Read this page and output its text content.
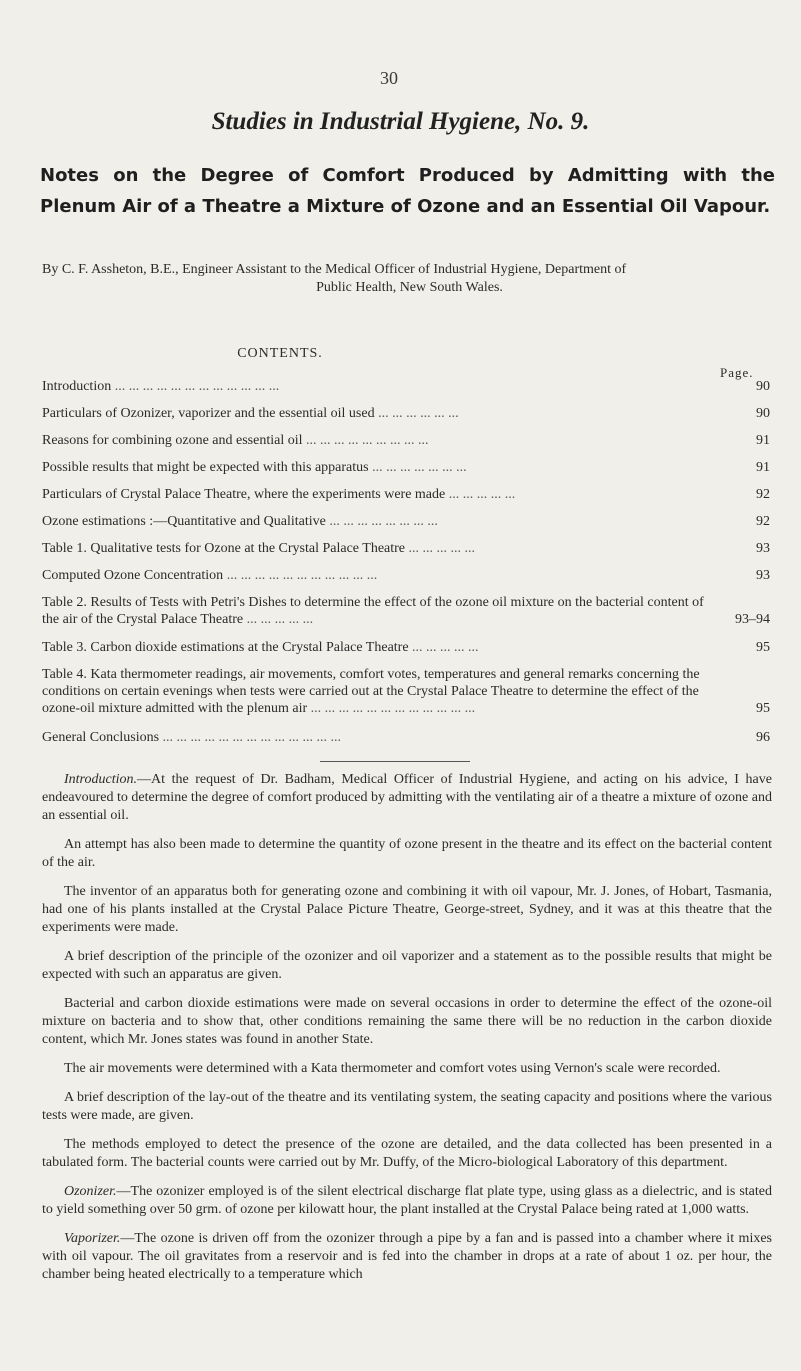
30
Studies in Industrial Hygiene, No. 9.
Notes on the Degree of Comfort Produced by Admitting with the Plenum Air of a Theatre a Mixture of Ozone and an Essential Oil Vapour.
By C. F. Assheton, B.E., Engineer Assistant to the Medical Officer of Industrial Hygiene, Department of
Public Health, New South Wales.
CONTENTS.
Page.
Introduction ... ... ... ... ... ... ... ... ... ... ... ...	90
Particulars of Ozonizer, vaporizer and the essential oil used ... ... ... ... ... ...	90
Reasons for combining ozone and essential oil ... ... ... ... ... ... ... ... ...	91
Possible results that might be expected with this apparatus ... ... ... ... ... ... ...	91
Particulars of Crystal Palace Theatre, where the experiments were made ... ... ... ... ...	92
Ozone estimations :—Quantitative and Qualitative ... ... ... ... ... ... ... ...	92
Table 1. Qualitative tests for Ozone at the Crystal Palace Theatre ... ... ... ... ...	93
Computed Ozone Concentration ... ... ... ... ... ... ... ... ... ... ...	93
Table 2. Results of Tests with Petri's Dishes to determine the effect of the ozone oil mixture on the bacterial content of the air of the Crystal Palace Theatre ... ... ... ... ...	93–94
Table 3. Carbon dioxide estimations at the Crystal Palace Theatre ... ... ... ... ...	95
Table 4. Kata thermometer readings, air movements, comfort votes, temperatures and general remarks concerning the conditions on certain evenings when tests were carried out at the Crystal Palace Theatre to determine the effect of the ozone-oil mixture admitted with the plenum air ... ... ... ... ... ... ... ... ... ... ... ...	95
General Conclusions ... ... ... ... ... ... ... ... ... ... ... ... ...	96

Introduction.—At the request of Dr. Badham, Medical Officer of Industrial Hygiene, and acting on his advice, I have endeavoured to determine the degree of comfort produced by admitting with the ventilating air of a theatre a mixture of ozone and an essential oil.

An attempt has also been made to determine the quantity of ozone present in the theatre and its effect on the bacterial content of the air.

The inventor of an apparatus both for generating ozone and combining it with oil vapour, Mr. J. Jones, of Hobart, Tasmania, had one of his plants installed at the Crystal Palace Picture Theatre, George-street, Sydney, and it was at this theatre that the experiments were made.

A brief description of the principle of the ozonizer and oil vaporizer and a statement as to the possible results that might be expected with such an apparatus are given.

Bacterial and carbon dioxide estimations were made on several occasions in order to determine the effect of the ozone-oil mixture on bacteria and to show that, other conditions remaining the same there will be no reduction in the carbon dioxide content, which Mr. Jones states was found in another State.

The air movements were determined with a Kata thermometer and comfort votes using Vernon's scale were recorded.

A brief description of the lay-out of the theatre and its ventilating system, the seating capacity and positions where the various tests were made, are given.

The methods employed to detect the presence of the ozone are detailed, and the data collected has been presented in a tabulated form. The bacterial counts were carried out by Mr. Duffy, of the Micro-biological Laboratory of this department.

Ozonizer.—The ozonizer employed is of the silent electrical discharge flat plate type, using glass as a dielectric, and is stated to yield something over 50 grm. of ozone per kilowatt hour, the plant installed at the Crystal Palace being rated at 1,000 watts.

Vaporizer.—The ozone is driven off from the ozonizer through a pipe by a fan and is passed into a chamber where it mixes with oil vapour. The oil gravitates from a reservoir and is fed into the chamber in drops at a rate of about 1 oz. per hour, the chamber being heated electrically to a temperature which
